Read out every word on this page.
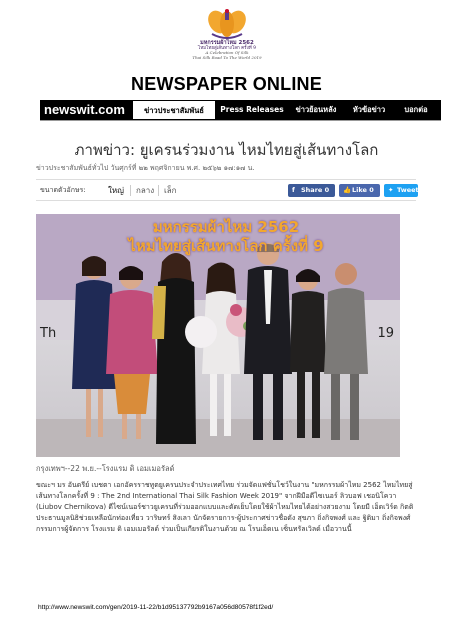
มหกรรมผ้าไหม 2562
ไหมไทยสู่เส้นทางโลก ครั้งที่ 9
A Celebration Of Silk
Thai Silk Road To The World 2019
NEWSPAPER ONLINE
newswit.com	ข่าวประชาสัมพันธ์	Press Releases	ข่าวย้อนหลัง	หัวข้อข่าว	บอกต่อ
ภาพข่าว: ยูเครนร่วมงาน ไหมไทยสู่เส้นทางโลก
ข่าวประชาสัมพันธ์ทั่วไป วันศุกร์ที่ ๒๒ พฤศจิกายน พ.ศ. ๒๕๖๒ ๑๗:๑๗ น.
ขนาดตัวอักษร:	ใหญ่ กลาง เล็ก	f Share 0	👍Like 0	✦ Tweet
มหกรรมผ้าไหม 2562
ไหมไทยสู่เส้นทางโลก ครั้งที่ 9
Th	19
กรุงเทพฯ--22 พ.ย.--โรงแรม ดิ เอมเมอรัลด์
ขณะฯ มร อันดรีย์ เบชตา เอกอัครราชทูตยูเครนประจำประเทศไทย ร่วมจัดแฟชั่นโชว์ในงาน "มหกรรมผ้าไหม 2562 ไหมไทยสู่เส้นทางโลกครั้งที่ 9 : The 2nd International Thai Silk Fashion Week 2019" จากฝีมือดีไซเนอร์ ลิวบอฟ เชอนิโควา (Liubov Chernikova) ดีไซน์เนอร์ชาวยูเครนที่ร่วมออกแบบและตัดเย็บโดยใช้ผ้าไหมไทยได้อย่างสวยงาม โดยมี เอ็ดเวิร์ด กิตติ ประธานมูลนิธิช่วยเหลือนักท่องเที่ยว วาริษทร์ สิงเลา นักจัดรายการ-ผู้ประกาศข่าวชื่อดัง สุขภา ถิ่งกิจพงศ์ และ ฐิติมา ถิ่งกิจพงศ์ กรรมการผู้จัดการ โรงแรม ดิ เอมเมอรัลด์ ร่วมเป็นเกียรติในงานด้วย ณ โรนเอ็ดเน เซ็นทรัลเวิลด์ เมื่อวานนี้
http://www.newswit.com/gen/2019-11-22/b1d95137792b9167a056d80578f1f2ed/
